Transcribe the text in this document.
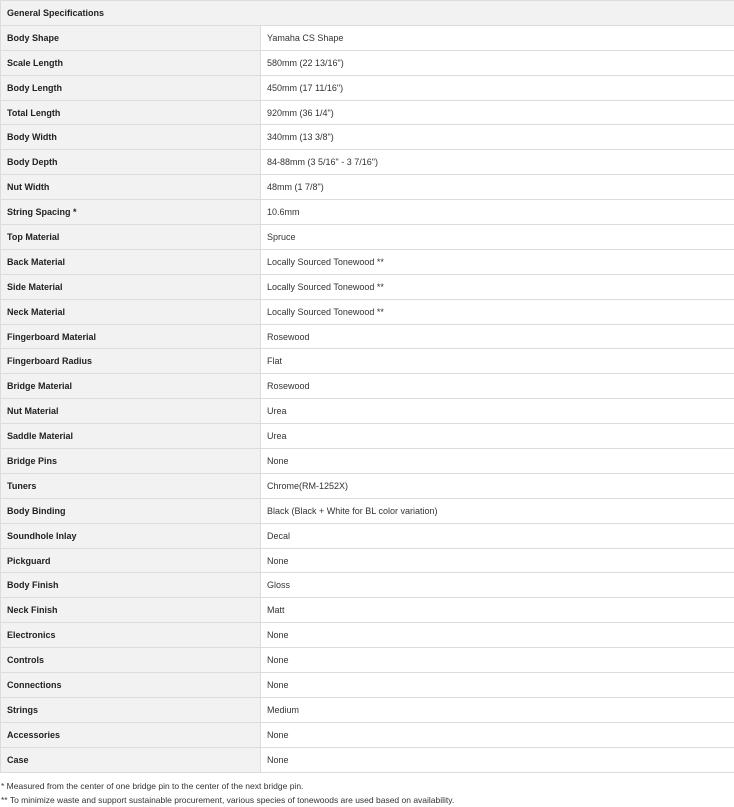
General Specifications	
Body Shape	Yamaha CS Shape
Scale Length	580mm (22 13/16")
Body Length	450mm (17 11/16")
Total Length	920mm (36 1/4")
Body Width	340mm (13 3/8")
Body Depth	84-88mm (3 5/16" - 3 7/16")
Nut Width	48mm (1 7/8")
String Spacing *	10.6mm
Top Material	Spruce
Back Material	Locally Sourced Tonewood **
Side Material	Locally Sourced Tonewood **
Neck Material	Locally Sourced Tonewood **
Fingerboard Material	Rosewood
Fingerboard Radius	Flat
Bridge Material	Rosewood
Nut Material	Urea
Saddle Material	Urea
Bridge Pins	None
Tuners	Chrome(RM-1252X)
Body Binding	Black (Black + White for BL color variation)
Soundhole Inlay	Decal
Pickguard	None
Body Finish	Gloss
Neck Finish	Matt
Electronics	None
Controls	None
Connections	None
Strings	Medium
Accessories	None
Case	None

* Measured from the center of one bridge pin to the center of the next bridge pin.

** To minimize waste and support sustainable procurement, various species of tonewoods are used based on availability.
